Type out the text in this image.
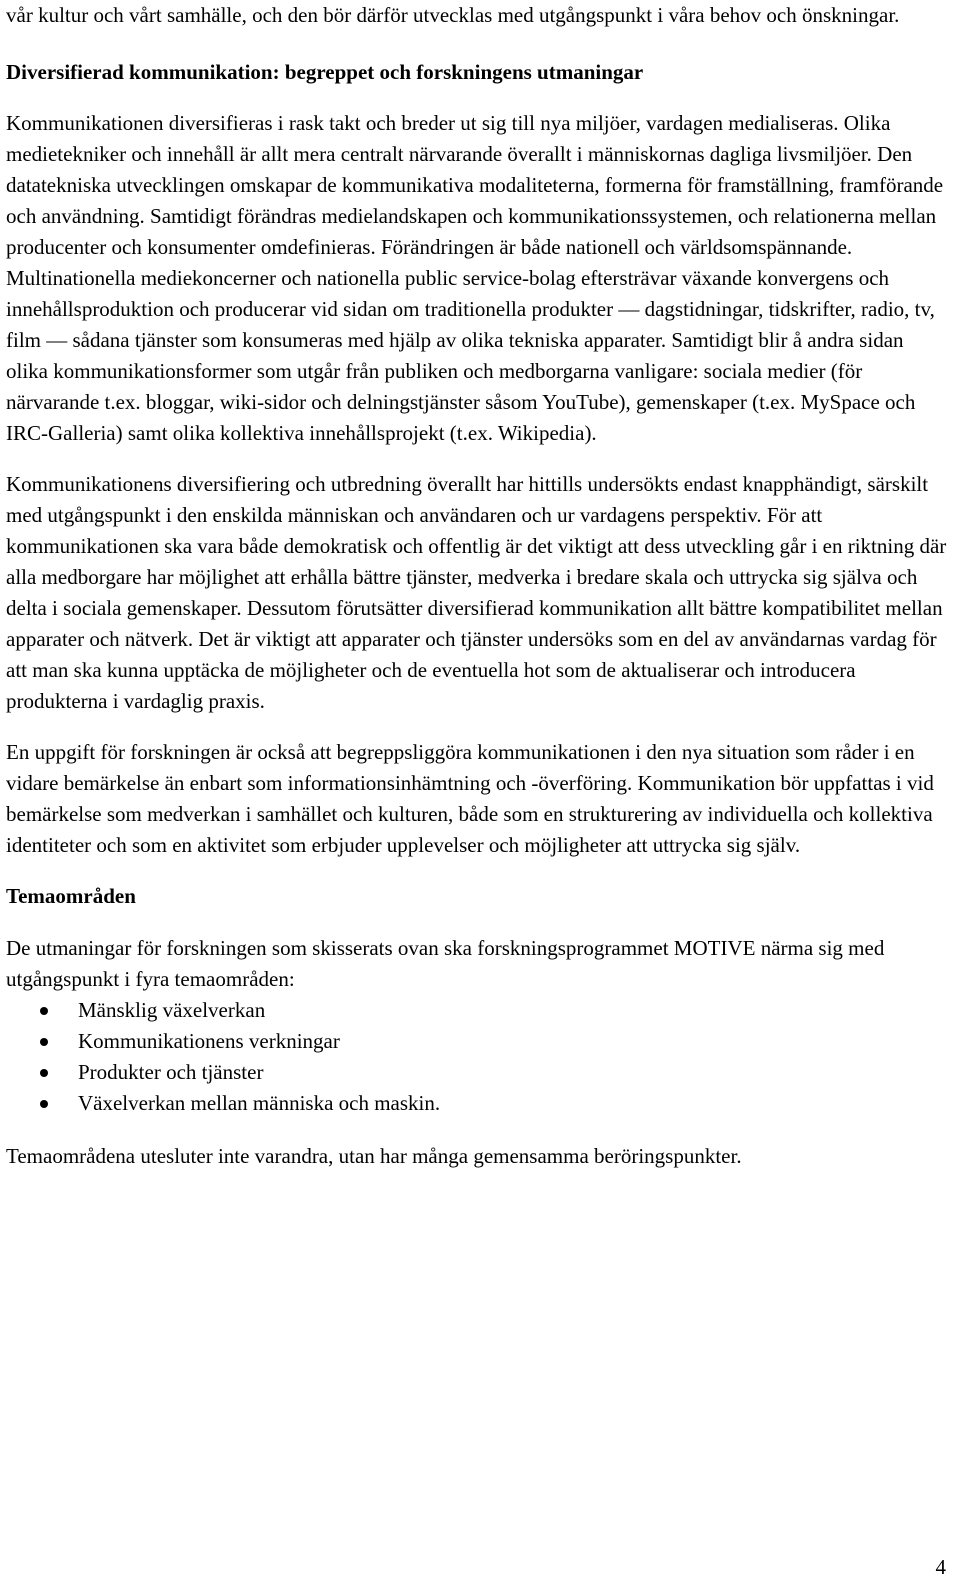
vår kultur och vårt samhälle, och den bör därför utvecklas med utgångspunkt i våra behov och önskningar.

Diversifierad kommunikation: begreppet och forskningens utmaningar

Kommunikationen diversifieras i rask takt och breder ut sig till nya miljöer, vardagen medialiseras. Olika medietekniker och innehåll är allt mera centralt närvarande överallt i människornas dagliga livsmiljöer. Den datatekniska utvecklingen omskapar de kommunikativa modaliteterna, formerna för framställning, framförande och användning. Samtidigt förändras medielandskapen och kommunikationssystemen, och relationerna mellan producenter och konsumenter omdefinieras. Förändringen är både nationell och världsomspännande. Multinationella mediekoncerner och nationella public service-bolag eftersträvar växande konvergens och innehållsproduktion och producerar vid sidan om traditionella produkter — dagstidningar, tidskrifter, radio, tv, film — sådana tjänster som konsumeras med hjälp av olika tekniska apparater. Samtidigt blir å andra sidan olika kommunikationsformer som utgår från publiken och medborgarna vanligare: sociala medier (för närvarande t.ex. bloggar, wiki-sidor och delningstjänster såsom YouTube), gemenskaper (t.ex. MySpace och IRC-Galleria) samt olika kollektiva innehållsprojekt (t.ex. Wikipedia).

Kommunikationens diversifiering och utbredning överallt har hittills undersökts endast knapphändigt, särskilt med utgångspunkt i den enskilda människan och användaren och ur vardagens perspektiv. För att kommunikationen ska vara både demokratisk och offentlig är det viktigt att dess utveckling går i en riktning där alla medborgare har möjlighet att erhålla bättre tjänster, medverka i bredare skala och uttrycka sig själva och delta i sociala gemenskaper. Dessutom förutsätter diversifierad kommunikation allt bättre kompatibilitet mellan apparater och nätverk. Det är viktigt att apparater och tjänster undersöks som en del av användarnas vardag för att man ska kunna upptäcka de möjligheter och de eventuella hot som de aktualiserar och introducera produkterna i vardaglig praxis.

En uppgift för forskningen är också att begreppsliggöra kommunikationen i den nya situation som råder i en vidare bemärkelse än enbart som informationsinhämtning och -överföring. Kommunikation bör uppfattas i vid bemärkelse som medverkan i samhället och kulturen, både som en strukturering av individuella och kollektiva identiteter och som en aktivitet som erbjuder upplevelser och möjligheter att uttrycka sig själv.

Temaområden

De utmaningar för forskningen som skisserats ovan ska forskningsprogrammet MOTIVE närma sig med utgångspunkt i fyra temaområden:

Mänsklig växelverkan
Kommunikationens verkningar
Produkter och tjänster
Växelverkan mellan människa och maskin.

Temaområdena utesluter inte varandra, utan har många gemensamma beröringspunkter.

4
